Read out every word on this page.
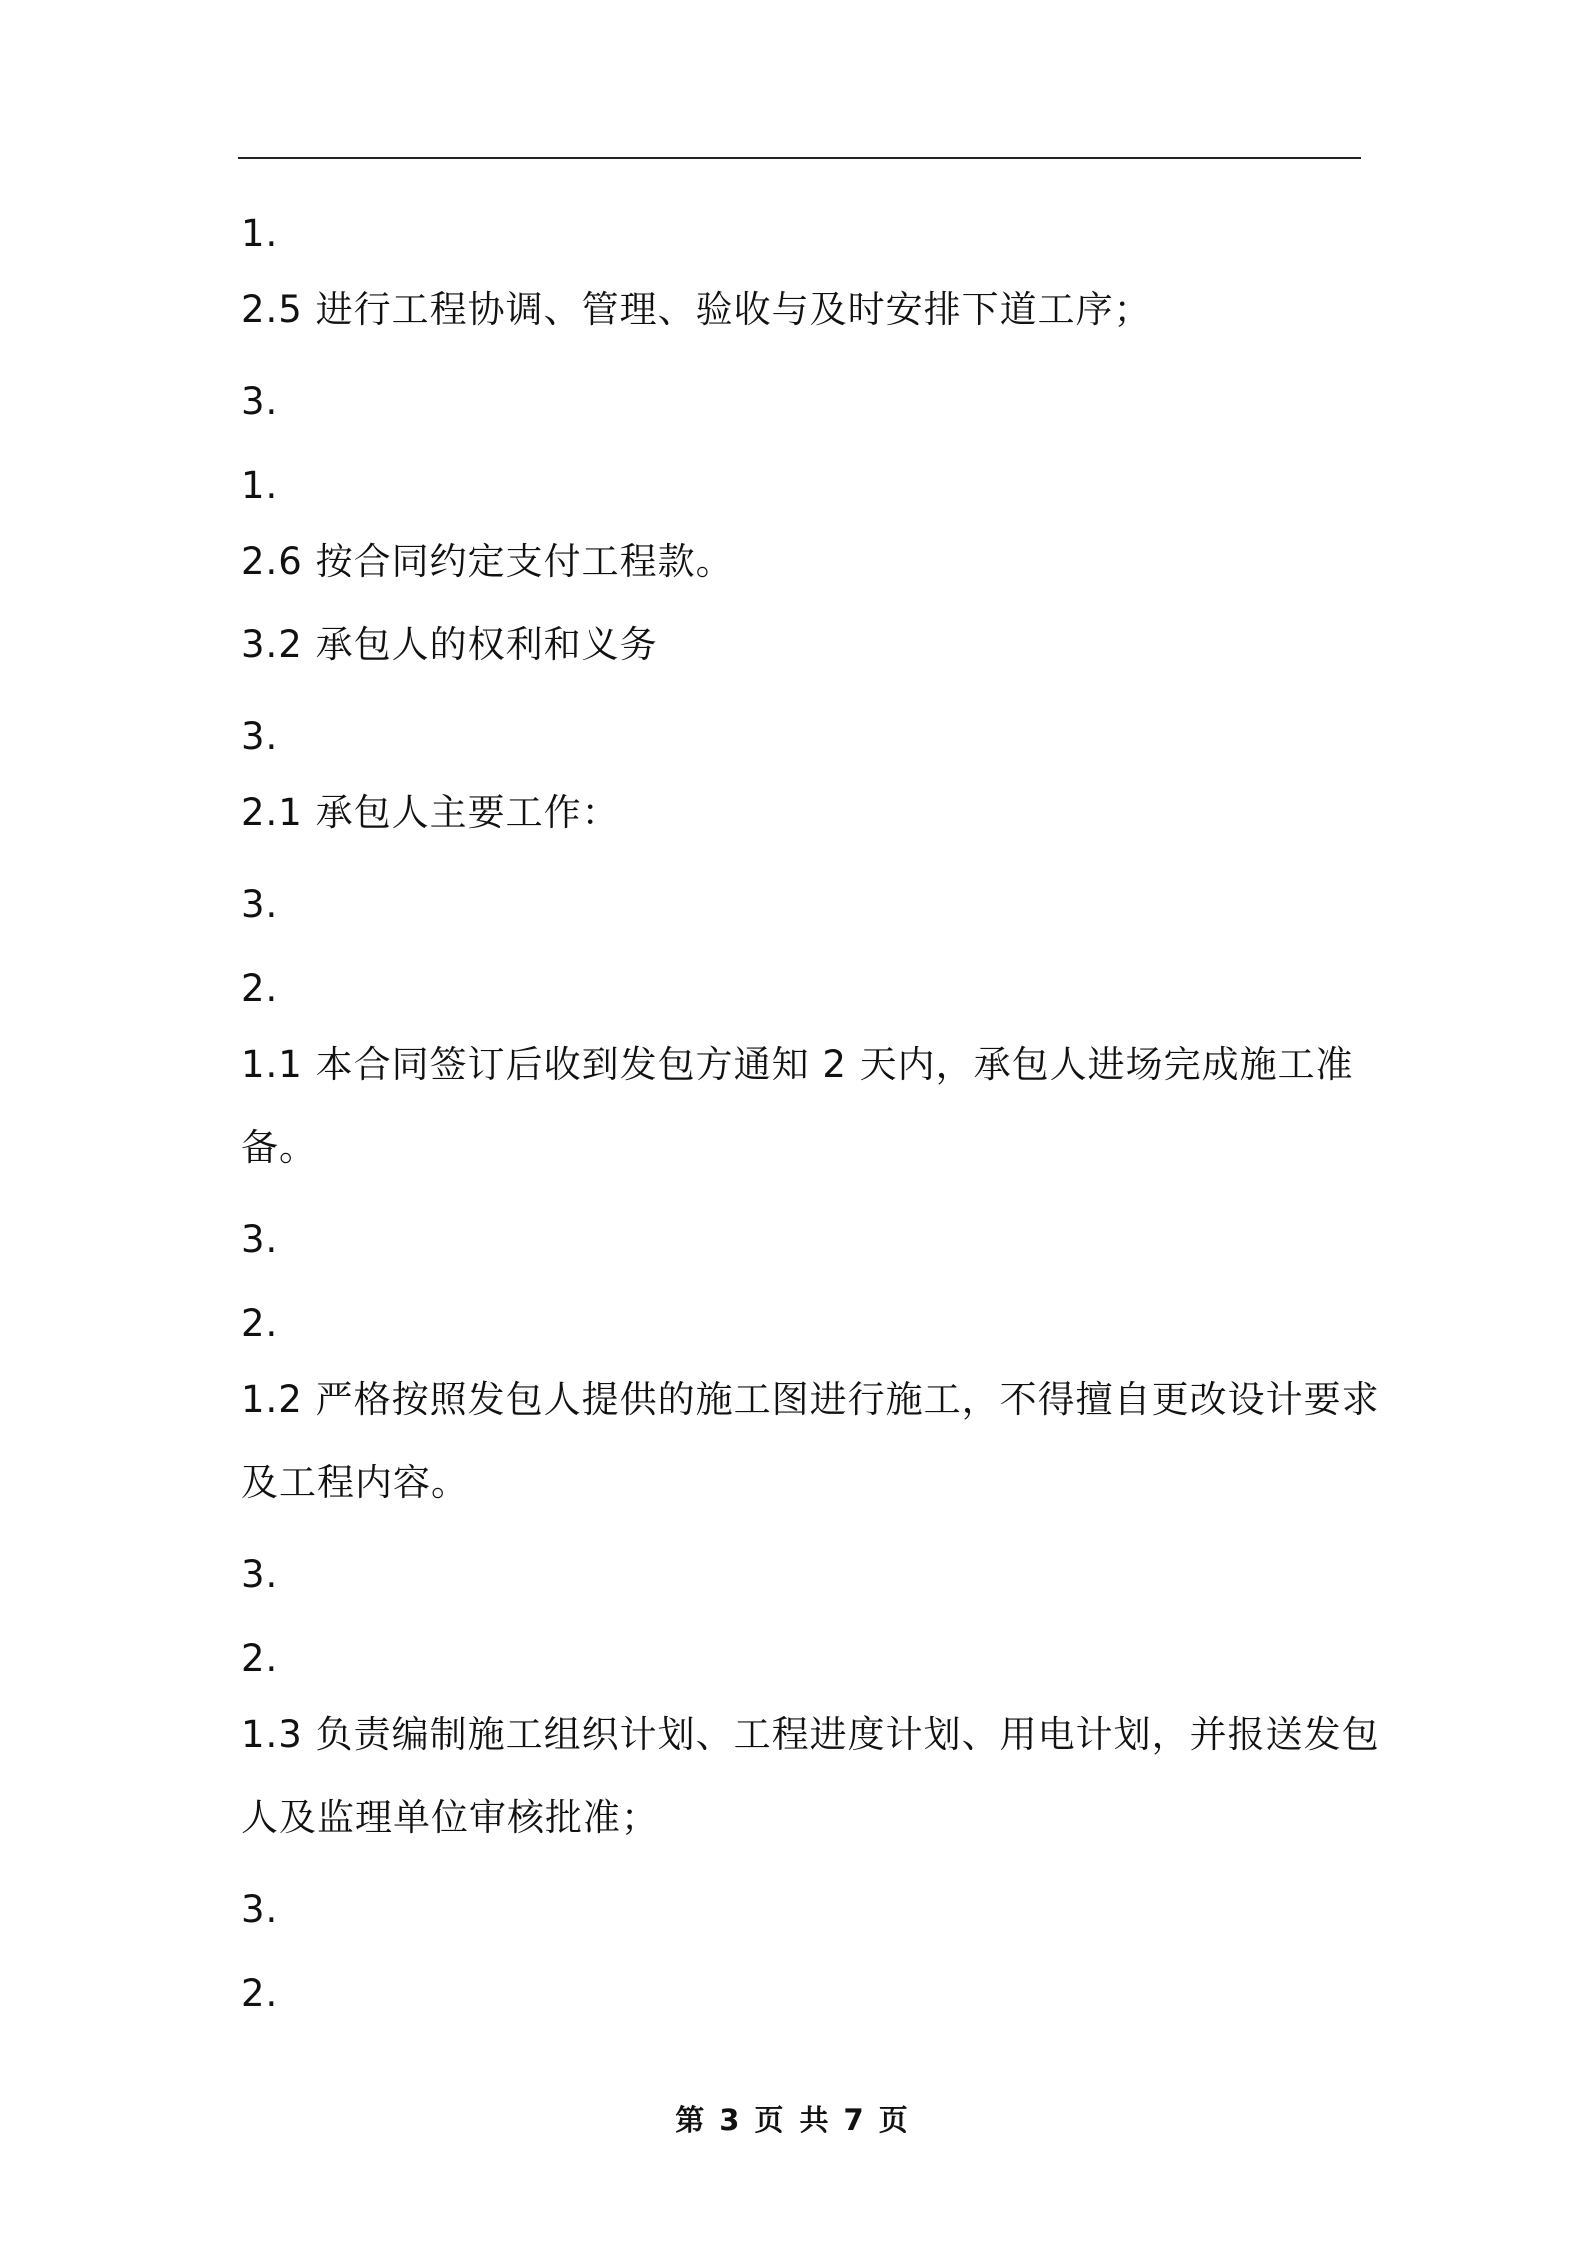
1.
2.5 进行工程协调、管理、验收与及时安排下道工序；
3.
1.
2.6 按合同约定支付工程款。
3.2 承包人的权利和义务
3.
2.1 承包人主要工作：
3.
2.
1.1 本合同签订后收到发包方通知 2 天内，承包人进场完成施工准
备。
3.
2.
1.2 严格按照发包人提供的施工图进行施工，不得擅自更改设计要求
及工程内容。
3.
2.
1.3 负责编制施工组织计划、工程进度计划、用电计划，并报送发包
人及监理单位审核批准；
3.
2.
第 3 页 共 7 页
